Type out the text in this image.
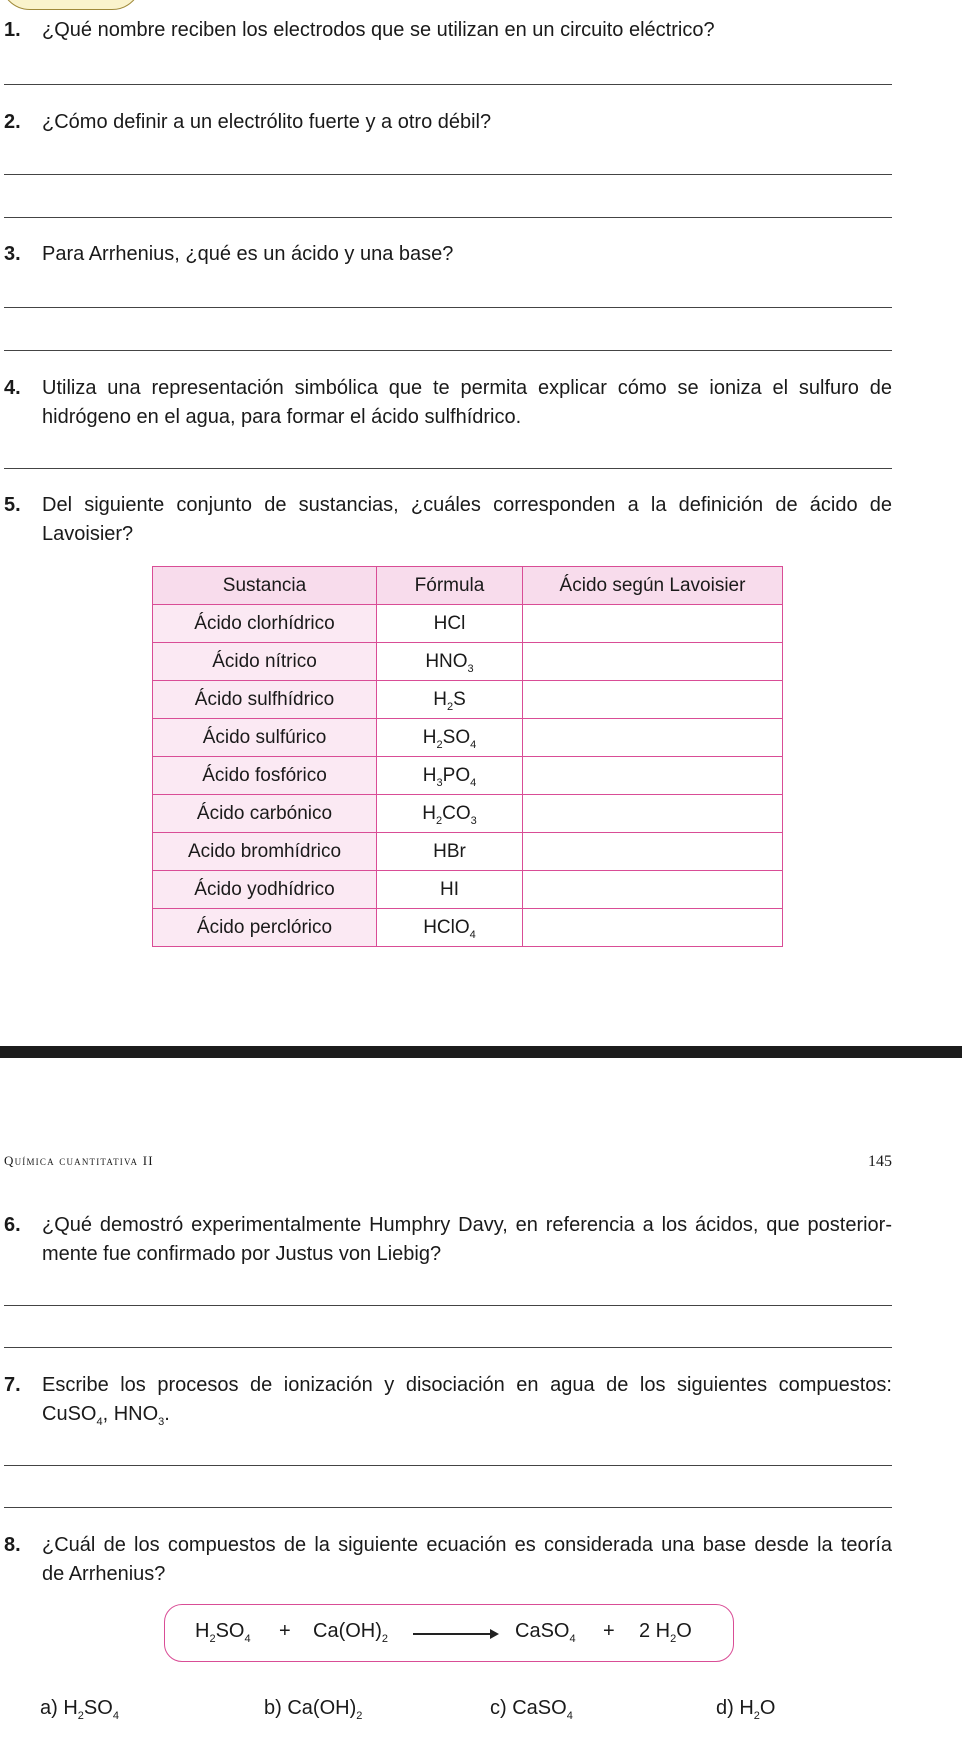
1. ¿Qué nombre reciben los electrodos que se utilizan en un circuito eléctrico?
2. ¿Cómo definir a un electrólito fuerte y a otro débil?
3. Para Arrhenius, ¿qué es un ácido y una base?
4. Utiliza una representación simbólica que te permita explicar cómo se ioniza el sulfuro de
hidrógeno en el agua, para formar el ácido sulfhídrico.
5. Del siguiente conjunto de sustancias, ¿cuáles corresponden a la definición de ácido de
Lavoisier?
Sustancia	Fórmula	Ácido según Lavoisier
Ácido clorhídrico	HCl	
Ácido nítrico	$HNO_3$	
Ácido sulfhídrico	$H_2S$	
Ácido sulfúrico	$H_2SO_4$	
Ácido fosfórico	$H_3PO_4$	
Ácido carbónico	$H_2CO_3$	
Acido bromhídrico	HBr	
Ácido yodhídrico	HI	
Ácido perclórico	HClO$_4$	
Química cuantitativa II	145
6. ¿Qué demostró experimentalmente Humphry Davy, en referencia a los ácidos, que posterior-
mente fue confirmado por Justus von Liebig?
7. Escribe los procesos de ionización y disociación en agua de los siguientes compuestos:
CuSO$_4$, $HNO_3$.
8. ¿Cuál de los compuestos de la siguiente ecuación es considerada una base desde la teoría
de Arrhenius?
$H_2SO_4 + Ca(OH)_2$	CaSO$_4$ + 2 $H_2O$
a) $H_2SO_4$	b) $Ca(OH)_2$	c) CaSO$_4$	d) $H_2O$
